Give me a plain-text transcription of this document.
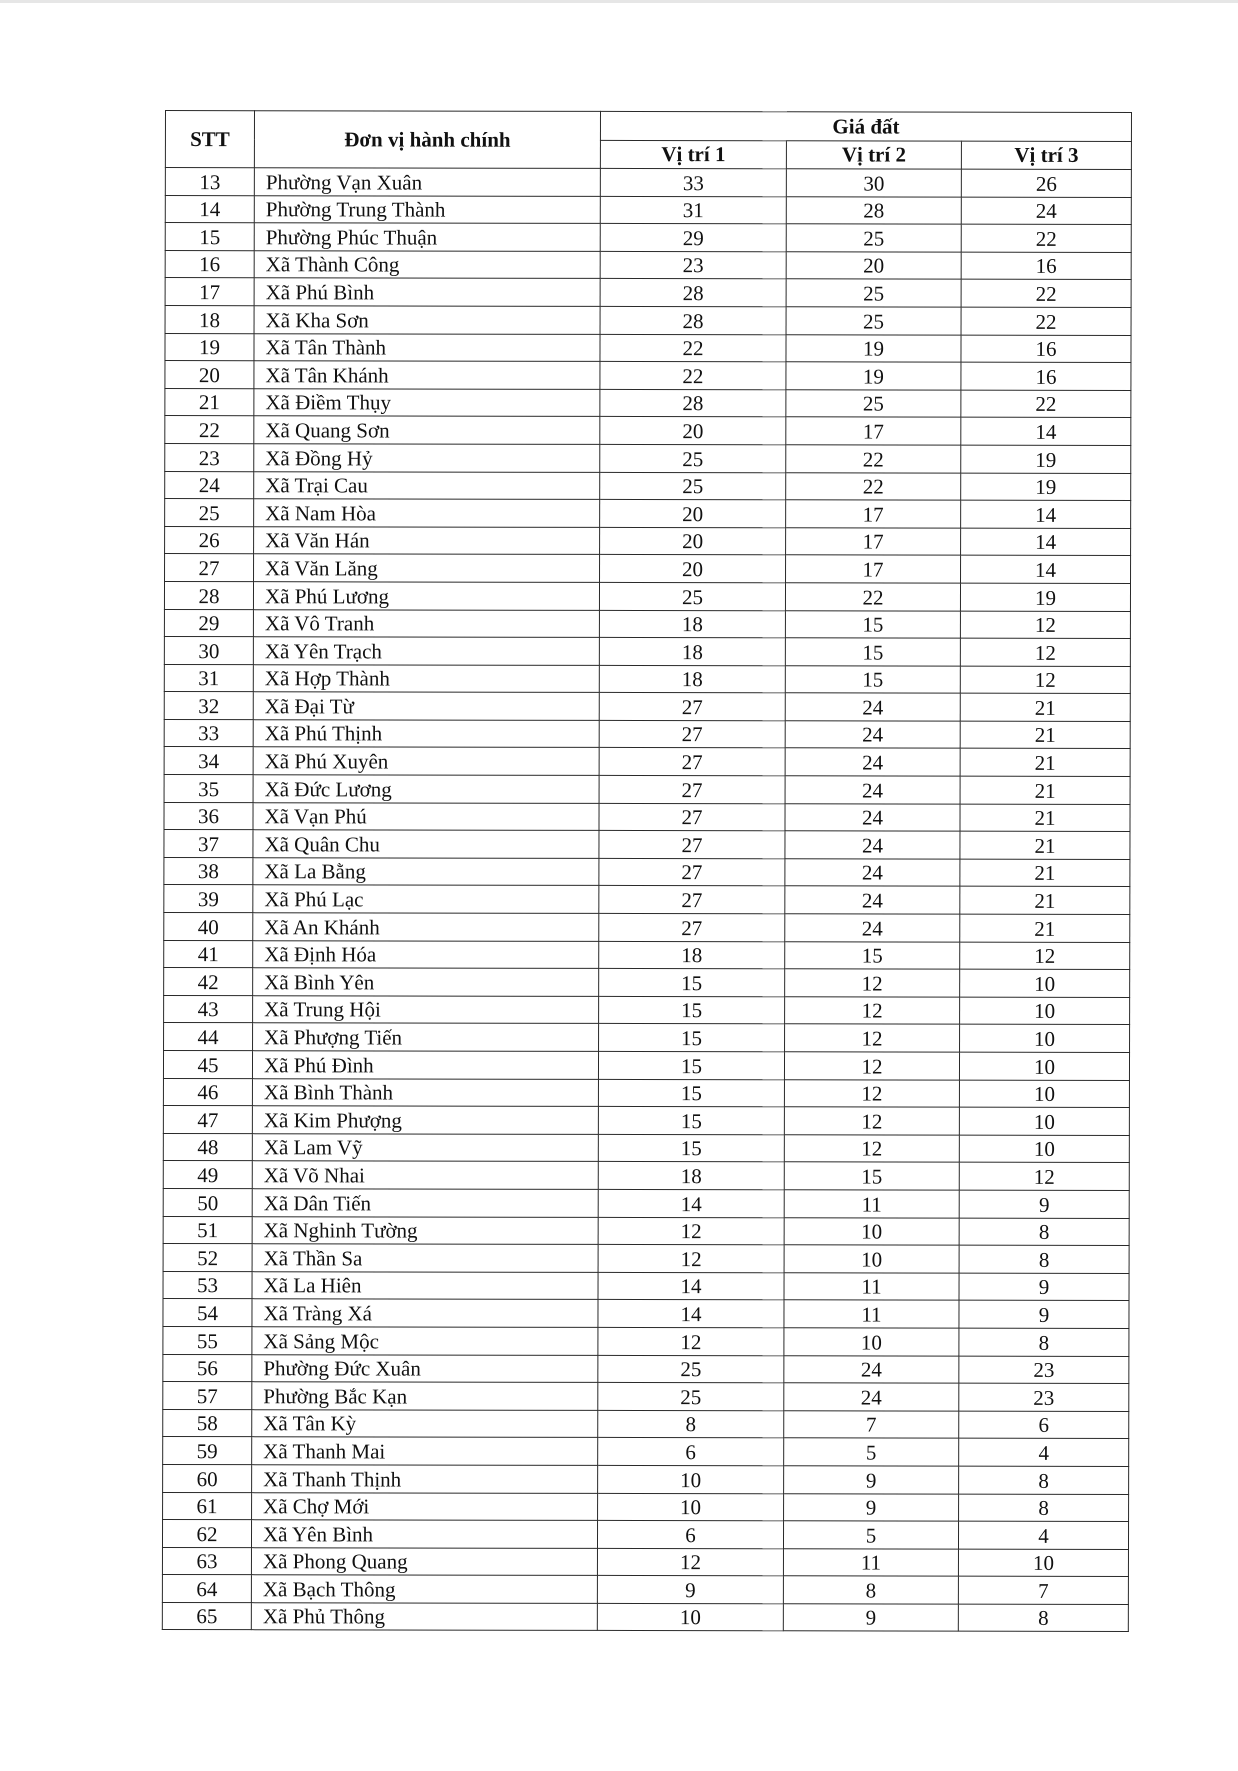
STT	Đơn vị hành chính	Giá đất		
		Vị trí 1	Vị trí 2	Vị trí 3
13	Phường Vạn Xuân	33	30	26
14	Phường Trung Thành	31	28	24
15	Phường Phúc Thuận	29	25	22
16	Xã Thành Công	23	20	16
17	Xã Phú Bình	28	25	22
18	Xã Kha Sơn	28	25	22
19	Xã Tân Thành	22	19	16
20	Xã Tân Khánh	22	19	16
21	Xã Điềm Thụy	28	25	22
22	Xã Quang Sơn	20	17	14
23	Xã Đồng Hỷ	25	22	19
24	Xã Trại Cau	25	22	19
25	Xã Nam Hòa	20	17	14
26	Xã Văn Hán	20	17	14
27	Xã Văn Lăng	20	17	14
28	Xã Phú Lương	25	22	19
29	Xã Vô Tranh	18	15	12
30	Xã Yên Trạch	18	15	12
31	Xã Hợp Thành	18	15	12
32	Xã Đại Từ	27	24	21
33	Xã Phú Thịnh	27	24	21
34	Xã Phú Xuyên	27	24	21
35	Xã Đức Lương	27	24	21
36	Xã Vạn Phú	27	24	21
37	Xã Quân Chu	27	24	21
38	Xã La Bằng	27	24	21
39	Xã Phú Lạc	27	24	21
40	Xã An Khánh	27	24	21
41	Xã Định Hóa	18	15	12
42	Xã Bình Yên	15	12	10
43	Xã Trung Hội	15	12	10
44	Xã Phượng Tiến	15	12	10
45	Xã Phú Đình	15	12	10
46	Xã Bình Thành	15	12	10
47	Xã Kim Phượng	15	12	10
48	Xã Lam Vỹ	15	12	10
49	Xã Võ Nhai	18	15	12
50	Xã Dân Tiến	14	11	9
51	Xã Nghinh Tường	12	10	8
52	Xã Thần Sa	12	10	8
53	Xã La Hiên	14	11	9
54	Xã Tràng Xá	14	11	9
55	Xã Sảng Mộc	12	10	8
56	Phường Đức Xuân	25	24	23
57	Phường Bắc Kạn	25	24	23
58	Xã Tân Kỳ	8	7	6
59	Xã Thanh Mai	6	5	4
60	Xã Thanh Thịnh	10	9	8
61	Xã Chợ Mới	10	9	8
62	Xã Yên Bình	6	5	4
63	Xã Phong Quang	12	11	10
64	Xã Bạch Thông	9	8	7
65	Xã Phủ Thông	10	9	8
